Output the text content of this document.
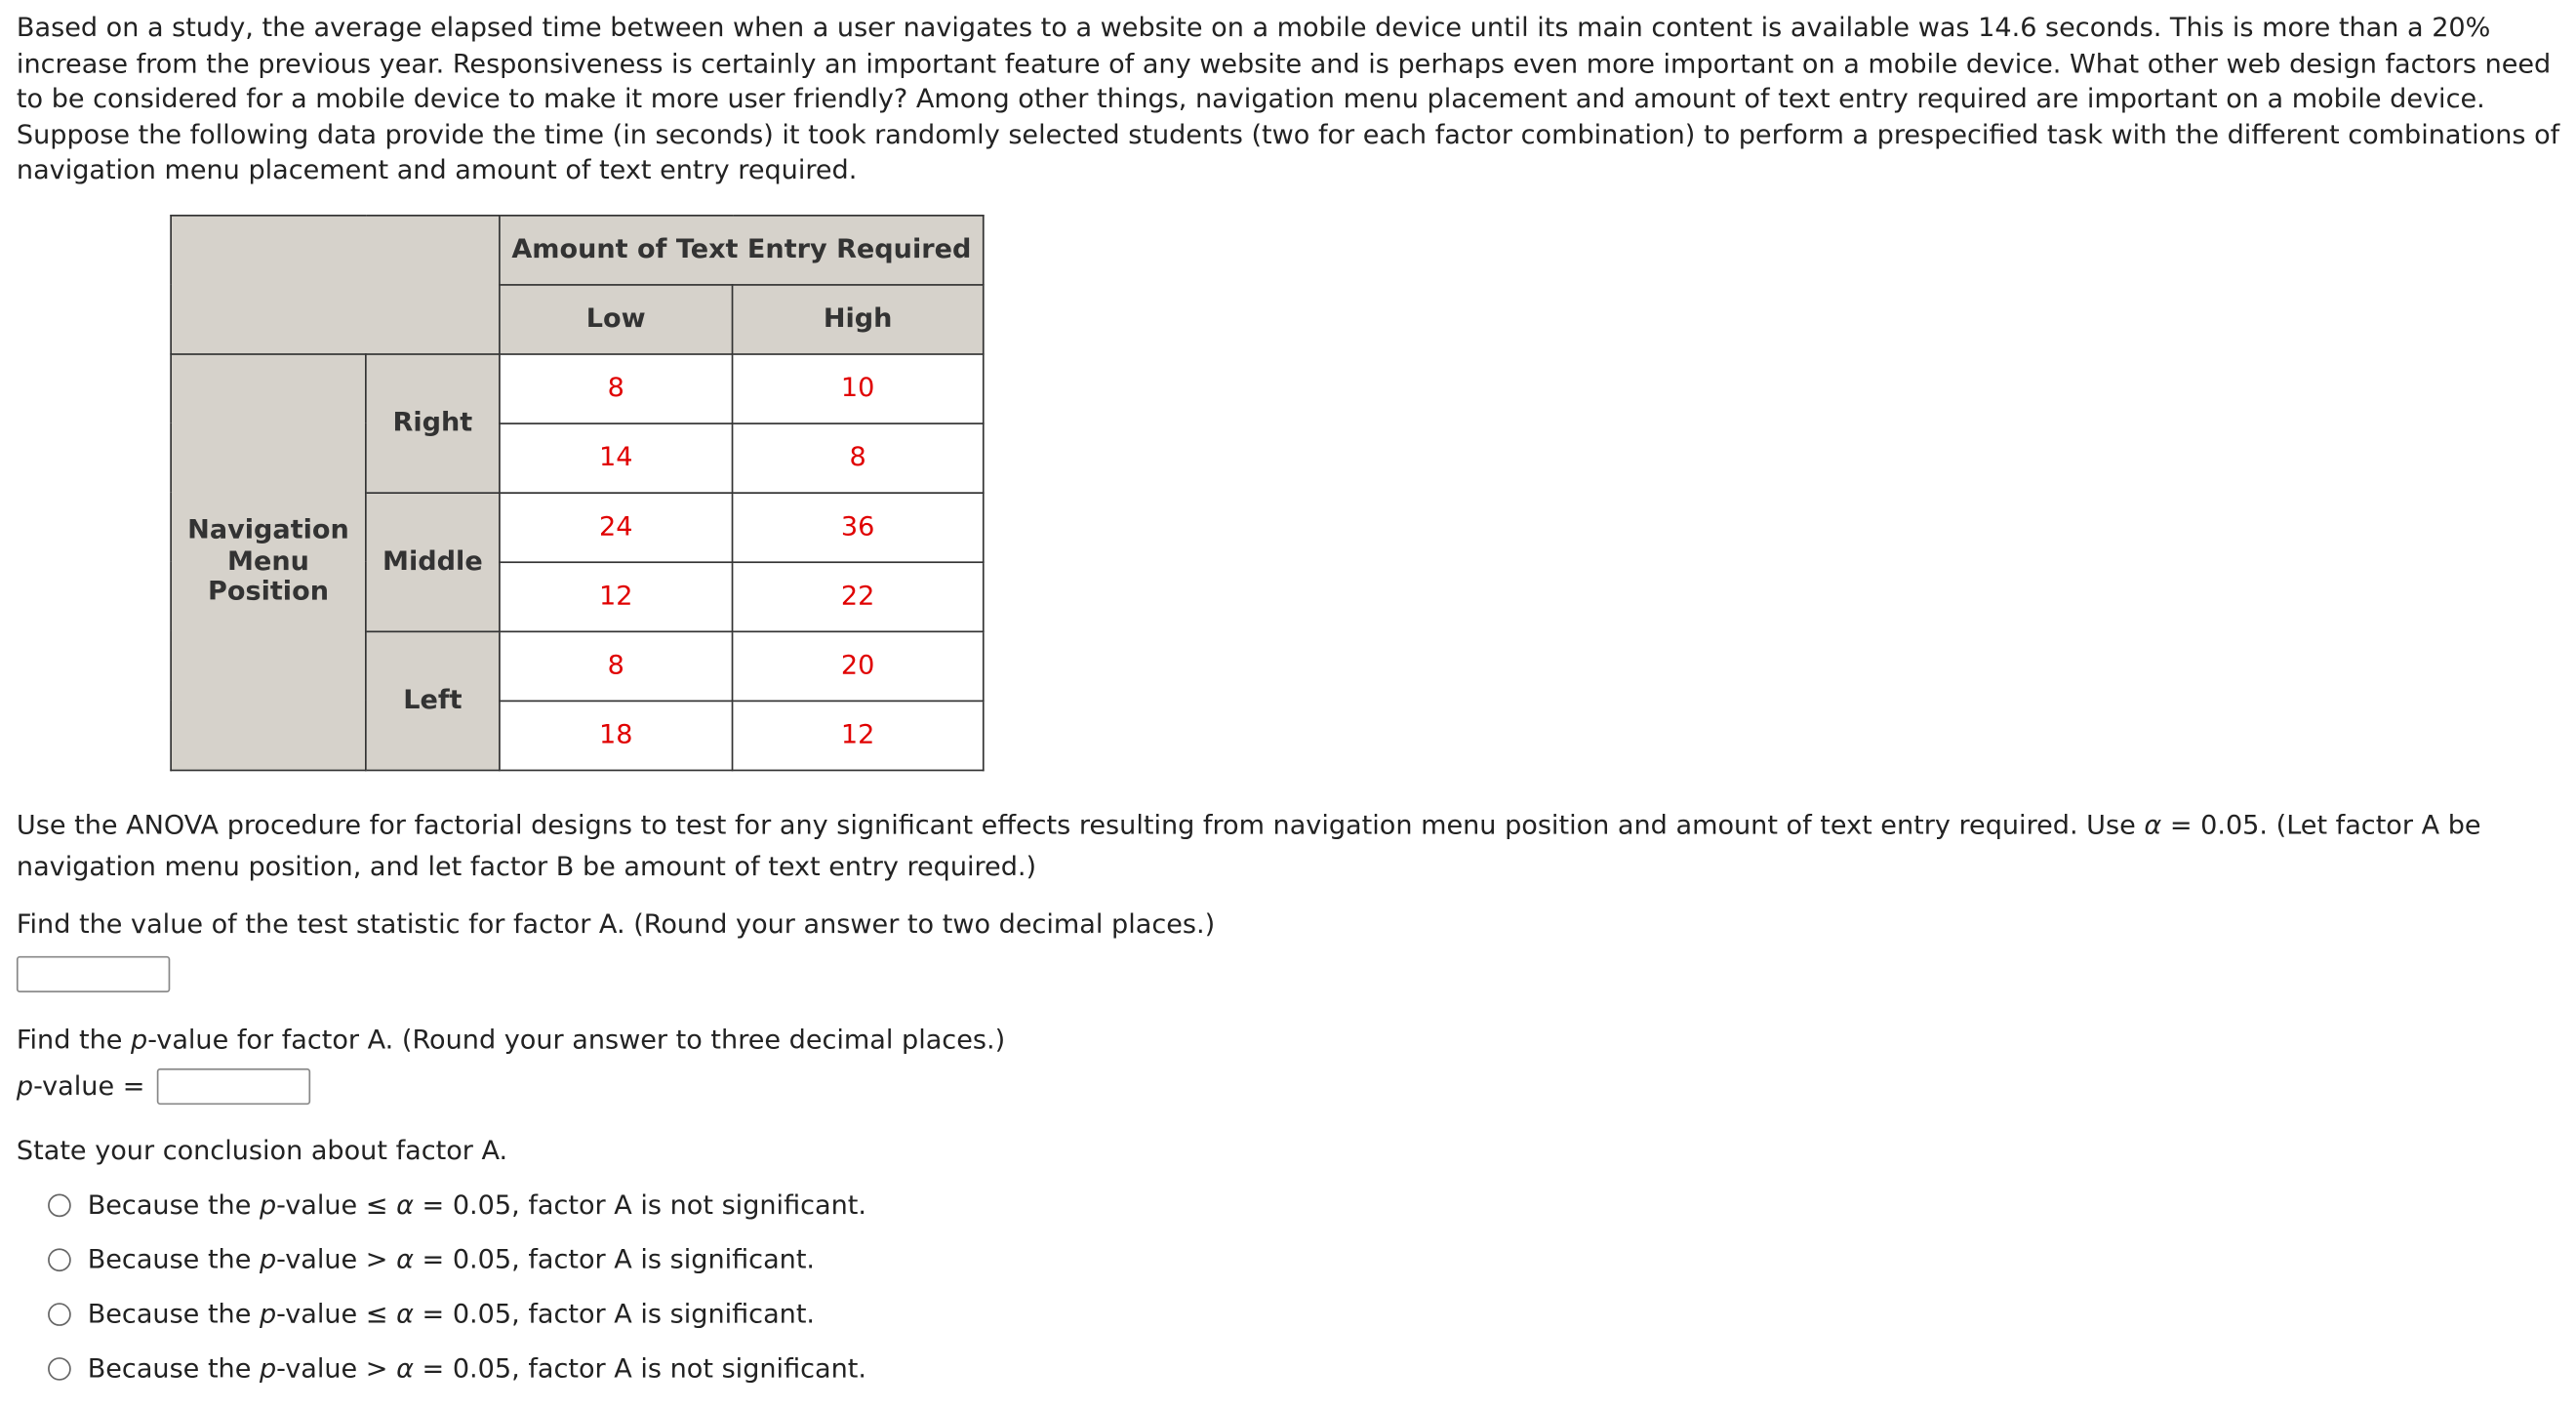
Based on a study, the average elapsed time between when a user navigates to a website on a mobile device until its main content is available was 14.6 seconds. This is more than a 20% increase from the previous year. Responsiveness is certainly an important feature of any website and is perhaps even more important on a mobile device. What other web design factors need to be considered for a mobile device to make it more user friendly? Among other things, navigation menu placement and amount of text entry required are important on a mobile device. Suppose the following data provide the time (in seconds) it took randomly selected students (two for each factor combination) to perform a prespecified task with the different combinations of navigation menu placement and amount of text entry required.

		Amount of Text Entry Required	
		Low	High

Navigation
Menu
Position	Right	8	10
		14	8
	Middle	24	36
		12	22
	Left	8	20
		18	12

Use the ANOVA procedure for factorial designs to test for any significant effects resulting from navigation menu position and amount of text entry required. Use α = 0.05. (Let factor A be navigation menu position, and let factor B be amount of text entry required.)

Find the value of the test statistic for factor A. (Round your answer to two decimal places.)

Find the p-value for factor A. (Round your answer to three decimal places.)

p-value =

State your conclusion about factor A.

Because the p-value ≤ α = 0.05, factor A is not significant.
Because the p-value > α = 0.05, factor A is significant.
Because the p-value ≤ α = 0.05, factor A is significant.
Because the p-value > α = 0.05, factor A is not significant.
